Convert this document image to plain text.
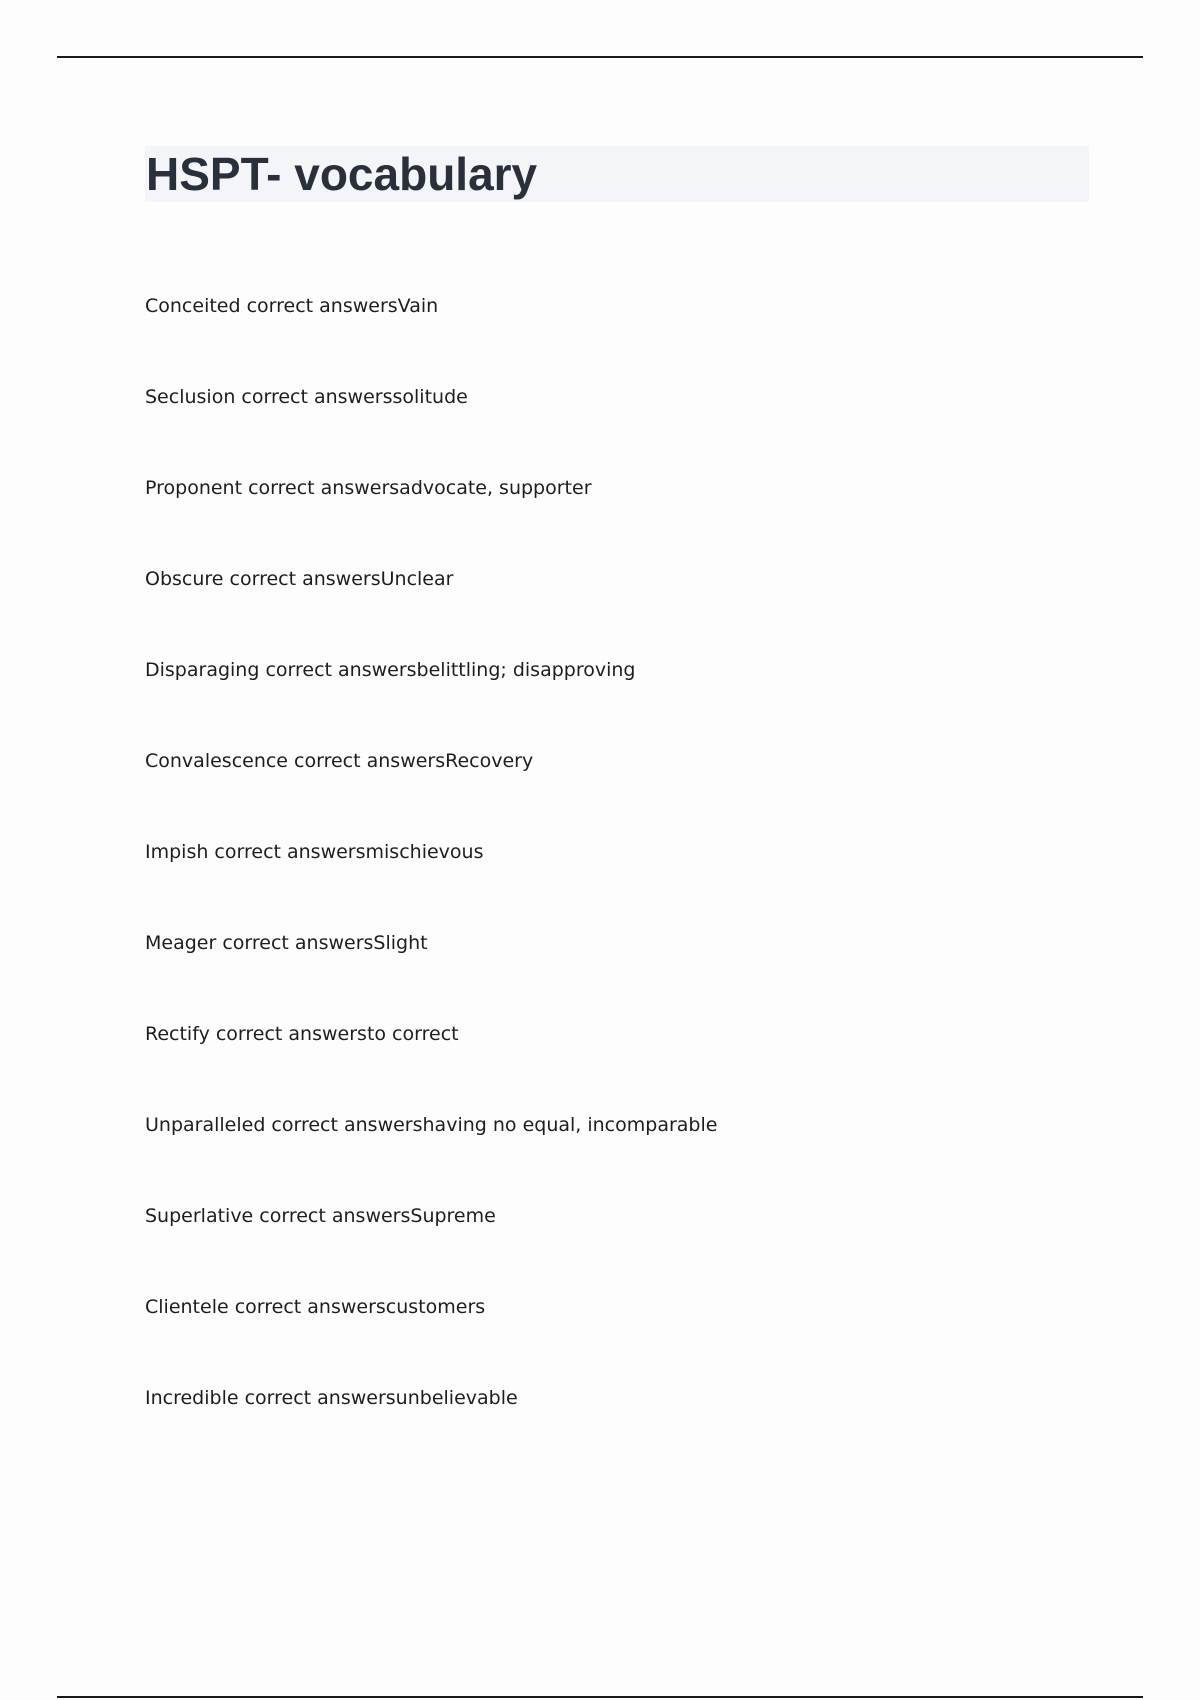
HSPT- vocabulary
Conceited correct answersVain
Seclusion correct answerssolitude
Proponent correct answersadvocate, supporter
Obscure correct answersUnclear
Disparaging correct answersbelittling; disapproving
Convalescence correct answersRecovery
Impish correct answersmischievous
Meager correct answersSlight
Rectify correct answersto correct
Unparalleled correct answershaving no equal, incomparable
Superlative correct answersSupreme
Clientele correct answerscustomers
Incredible correct answersunbelievable
